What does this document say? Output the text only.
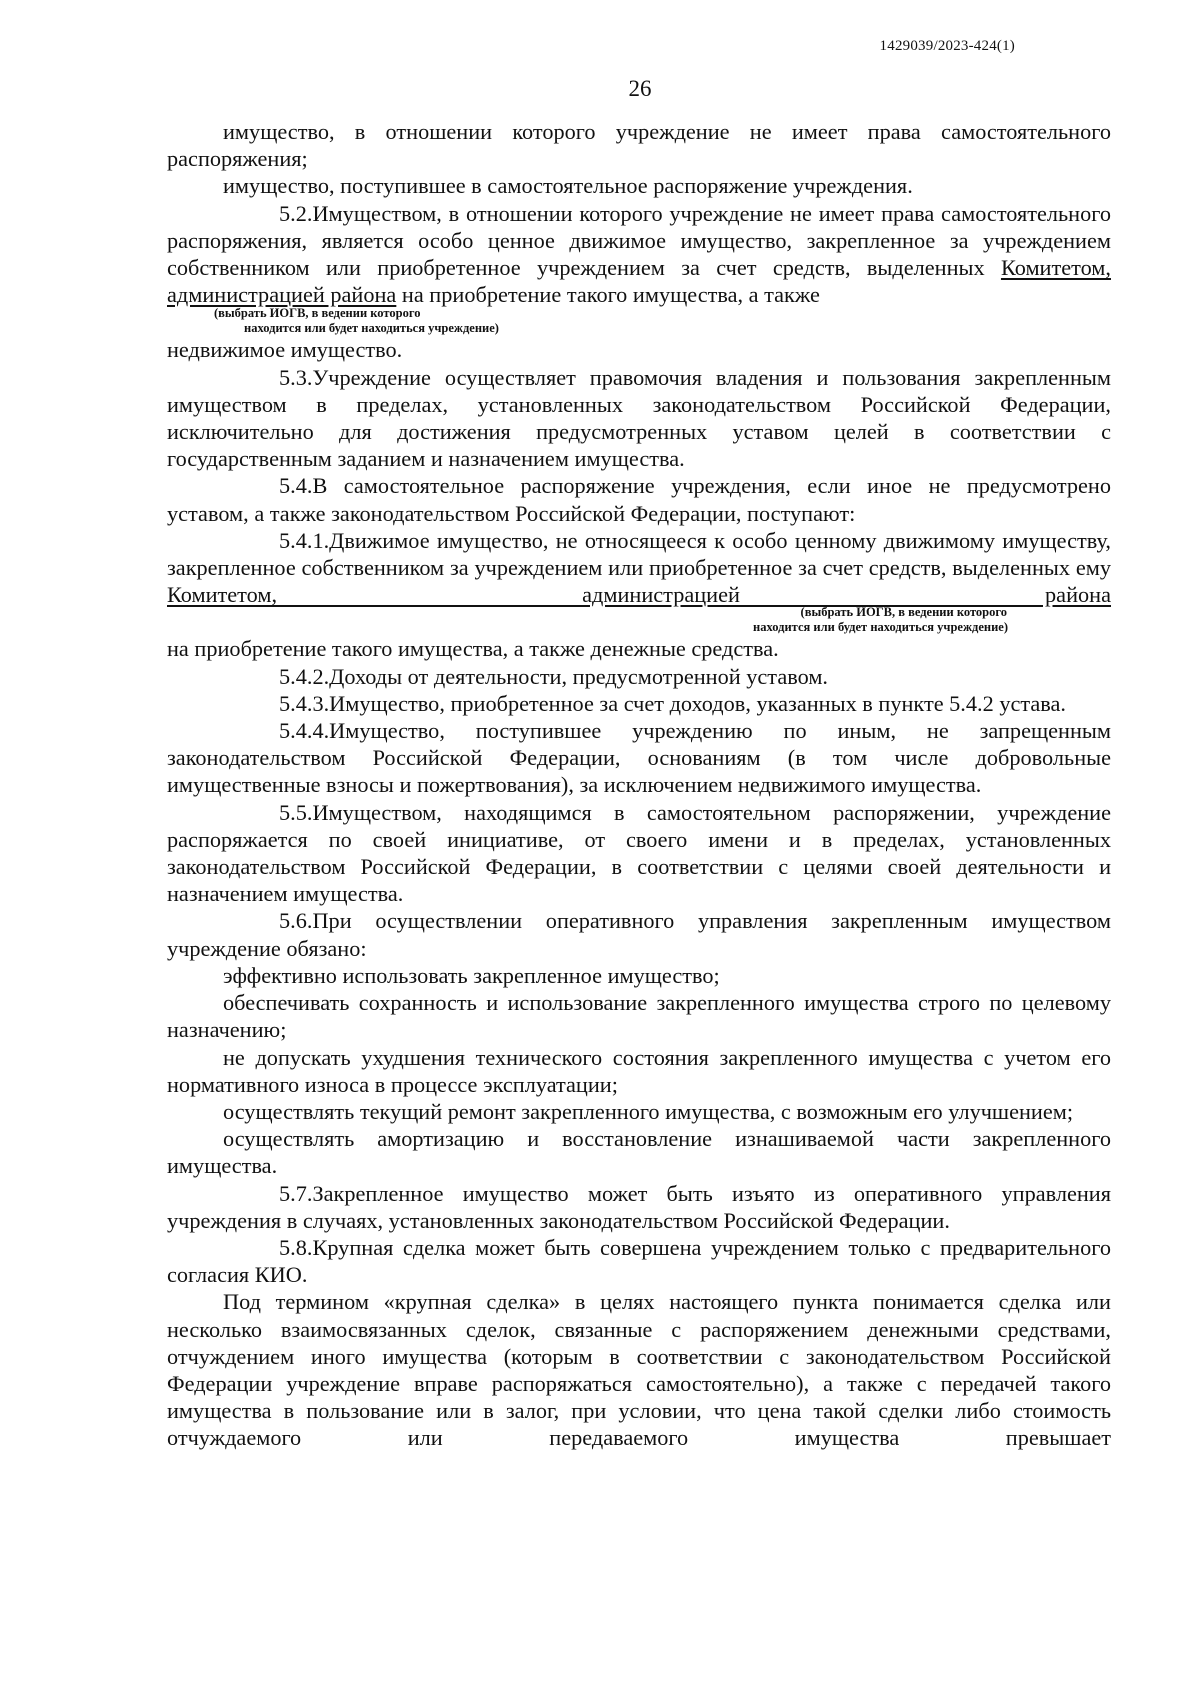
1429039/2023-424(1)
26

имущество, в отношении которого учреждение не имеет права самостоятельного распоряжения;

имущество, поступившее в самостоятельное распоряжение учреждения.

5.2.Имуществом, в отношении которого учреждение не имеет права самостоятельного распоряжения, является особо ценное движимое имущество, закрепленное за учреждением собственником или приобретенное учреждением за счет средств, выделенных Комитетом, администрацией района на приобретение такого имущества, а также

(выбрать ИОГВ, в ведении которого
находится или будет находиться учреждение)

недвижимое имущество.

5.3.Учреждение осуществляет правомочия владения и пользования закрепленным имуществом в пределах, установленных законодательством Российской Федерации, исключительно для достижения предусмотренных уставом целей в соответствии с государственным заданием и назначением имущества.

5.4.В самостоятельное распоряжение учреждения, если иное не предусмотрено уставом, а также законодательством Российской Федерации, поступают:

5.4.1.Движимое имущество, не относящееся к особо ценному движимому имуществу, закрепленное собственником за учреждением или приобретенное за счет средств, выделенных ему Комитетом, администрацией района

(выбрать ИОГВ, в ведении которого
находится или будет находиться учреждение)

на приобретение такого имущества, а также денежные средства.

5.4.2.Доходы от деятельности, предусмотренной уставом.

5.4.3.Имущество, приобретенное за счет доходов, указанных в пункте 5.4.2 устава.

5.4.4.Имущество, поступившее учреждению по иным, не запрещенным законодательством Российской Федерации, основаниям (в том числе добровольные имущественные взносы и пожертвования), за исключением недвижимого имущества.

5.5.Имуществом, находящимся в самостоятельном распоряжении, учреждение распоряжается по своей инициативе, от своего имени и в пределах, установленных законодательством Российской Федерации, в соответствии с целями своей деятельности и назначением имущества.

5.6.При осуществлении оперативного управления закрепленным имуществом учреждение обязано:

эффективно использовать закрепленное имущество;

обеспечивать сохранность и использование закрепленного имущества строго по целевому назначению;

не допускать ухудшения технического состояния закрепленного имущества с учетом его нормативного износа в процессе эксплуатации;

осуществлять текущий ремонт закрепленного имущества, с возможным его улучшением;

осуществлять амортизацию и восстановление изнашиваемой части закрепленного имущества.

5.7.Закрепленное имущество может быть изъято из оперативного управления учреждения в случаях, установленных законодательством Российской Федерации.

5.8.Крупная сделка может быть совершена учреждением только с предварительного согласия КИО.

Под термином «крупная сделка» в целях настоящего пункта понимается сделка или несколько взаимосвязанных сделок, связанные с распоряжением денежными средствами, отчуждением иного имущества (которым в соответствии с законодательством Российской Федерации учреждение вправе распоряжаться самостоятельно), а также с передачей такого имущества в пользование или в залог, при условии, что цена такой сделки либо стоимость отчуждаемого или передаваемого имущества превышает
